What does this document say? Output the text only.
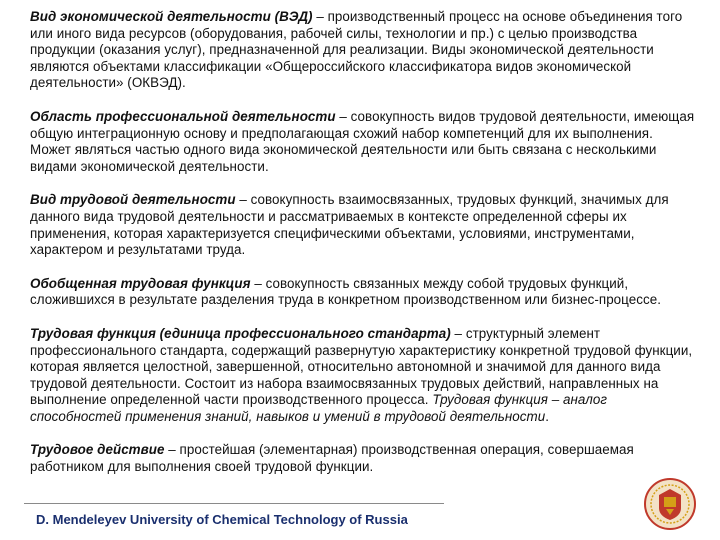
Вид экономической деятельности (ВЭД) – производственный процесс на основе объединения того или иного вида ресурсов (оборудования, рабочей силы, технологии и пр.) с целью производства продукции (оказания услуг), предназначенной для реализации. Виды экономической деятельности являются объектами классификации «Общероссийского классификатора видов экономической деятельности» (ОКВЭД).

Область профессиональной деятельности – совокупность видов трудовой деятельности, имеющая общую интеграционную основу и предполагающая схожий набор компетенций для их выполнения. Может являться частью одного вида экономической деятельности или быть связана с несколькими видами экономической деятельности.

Вид трудовой деятельности – совокупность взаимосвязанных, трудовых функций, значимых для данного вида трудовой деятельности и рассматриваемых в контексте определенной сферы их применения, которая характеризуется специфическими объектами, условиями, инструментами, характером и результатами труда.

Обобщенная трудовая функция – совокупность связанных между собой трудовых функций, сложившихся в результате разделения труда в конкретном производственном или бизнес-процессе.

Трудовая функция (единица профессионального стандарта) – структурный элемент профессионального стандарта, содержащий развернутую характеристику конкретной трудовой функции, которая является целостной, завершенной, относительно автономной и значимой для данного вида трудовой деятельности. Состоит из набора взаимосвязанных трудовых действий, направленных на выполнение определенной части производственного процесса. Трудовая функция – аналог способностей применения знаний, навыков и умений в трудовой деятельности.

Трудовое действие – простейшая (элементарная) производственная операция, совершаемая работником для выполнения своей трудовой функции.

D. Mendeleyev University of Chemical Technology of Russia
